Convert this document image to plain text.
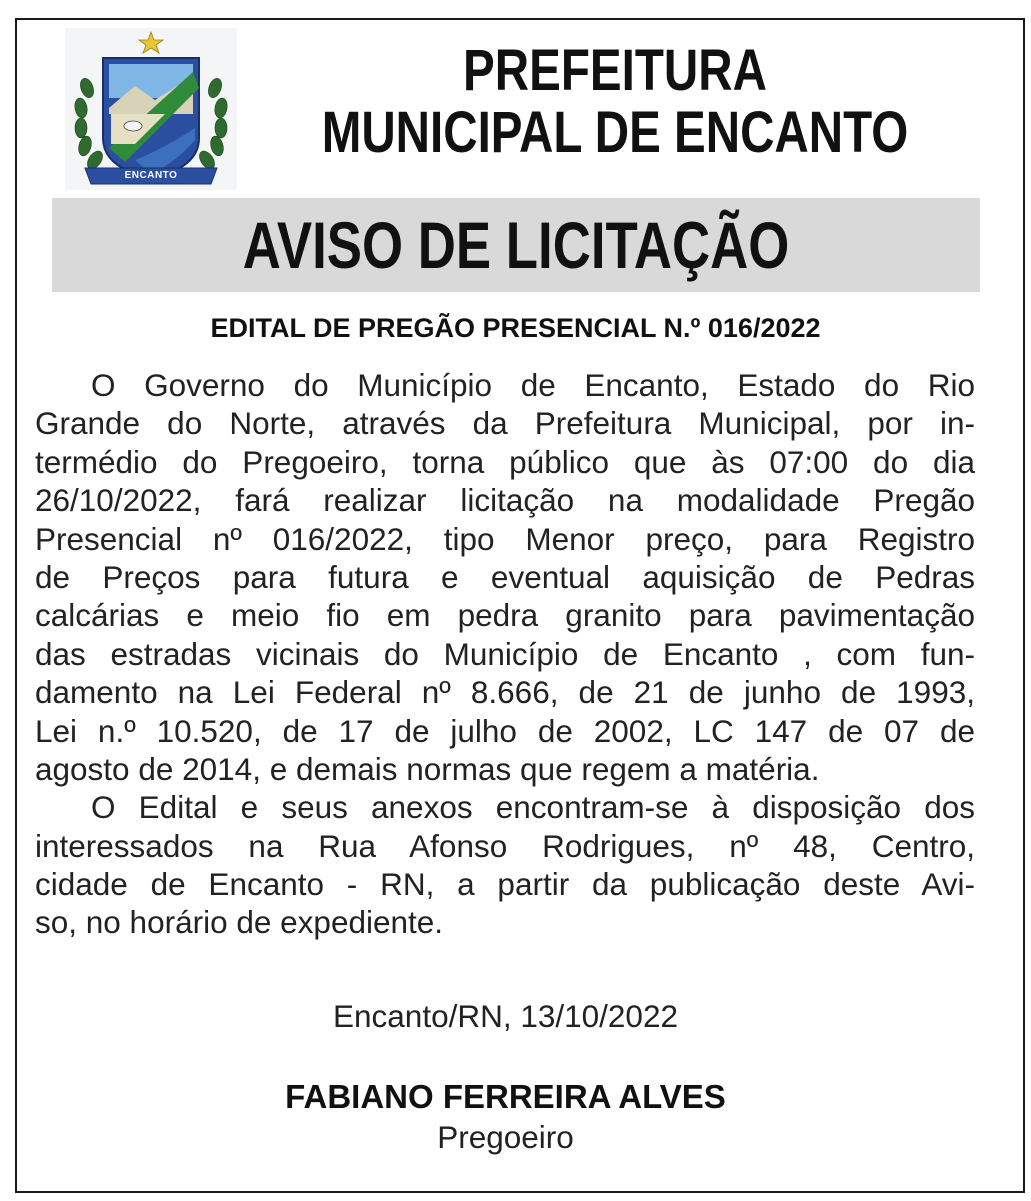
ENCANTO
PREFEITURA
MUNICIPAL DE ENCANTO
AVISO DE LICITAÇÃO
EDITAL DE PREGÃO PRESENCIAL N.º 016/2022
O Governo do Município de Encanto, Estado do Rio
Grande do Norte, através da Prefeitura Municipal, por in-
termédio do Pregoeiro, torna público que às 07:00 do dia
26/10/2022, fará realizar licitação na modalidade Pregão
Presencial nº 016/2022, tipo Menor preço, para Registro
de Preços para futura e eventual aquisição de Pedras
calcárias e meio fio em pedra granito para pavimentação
das estradas vicinais do Município de Encanto , com fun-
damento na Lei Federal nº 8.666, de 21 de junho de 1993,
Lei n.º 10.520, de 17 de julho de 2002, LC 147 de 07 de
agosto de 2014, e demais normas que regem a matéria.
O Edital e seus anexos encontram-se à disposição dos
interessados na Rua Afonso Rodrigues, nº 48, Centro,
cidade de Encanto - RN, a partir da publicação deste Avi-
so, no horário de expediente.
Encanto/RN, 13/10/2022
FABIANO FERREIRA ALVES
Pregoeiro
